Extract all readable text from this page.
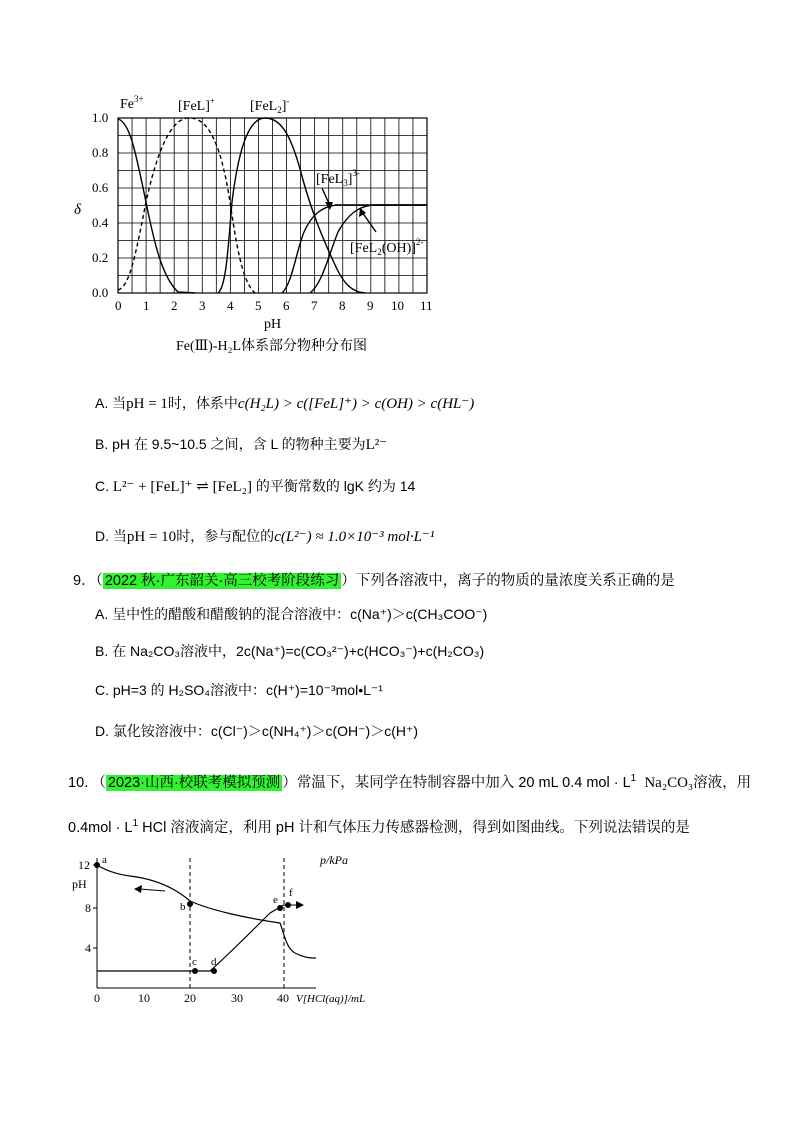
$Fe^{3+}$ [FeL]+	[FeL$_2$]-
$[FeL_3]^{3-}$
$[FeL_2(OH)]^{2-}$
δ
pH
0.0
0.2
0.4
0.6
0.8
1.0
0 1 2 3 4 5 6 7 8 9 10 11
Fe(Ⅲ)-H₂L体系部分物种分布图
A. 当pH = 1时，体系中c(H₂L) > c([FeL]⁺) > c(OH) > c(HL⁻)
B. pH 在 9.5~10.5 之间，含 L 的物种主要为L²⁻
C. L²⁻ + [FeL]⁺ ⇌ [FeL₂] 的平衡常数的 lgK 约为 14
D. 当pH = 10时，参与配位的c(L²⁻) ≈ 1.0×10⁻³ mol·L⁻¹
9．（ 2022 秋·广东韶关·高三校考阶段练习 ）下列各溶液中，离子的物质的量浓度关系正确的是
A. 呈中性的醋酸和醋酸钠的混合溶液中：c(Na⁺)＞c(CH₃COO⁻)
B. 在 Na₂CO₃溶液中，2c(Na⁺)=c(CO₃²⁻)+c(HCO₃⁻)+c(H₂CO₃)
C. pH=3 的 H₂SO₄溶液中：c(H⁺)=10⁻³mol•L⁻¹
D. 氯化铵溶液中：c(Cl⁻)＞c(NH₄⁺)＞c(OH⁻)＞c(H⁺)
10．（ 2023·山西·校联考模拟预测 ）常温下，某同学在特制容器中加入 20 mL 0.4 mol · $L^1$ Na₂CO₃溶液，用
$0.4mol \cdot L^1$ HCl 溶液滴定，利用 pH 计和气体压力传感器检测，得到如图曲线。下列说法错误的是
a
b
c d
e
f
pH
p/kPa
4
8
12
0	10	20	30	40 V[HCl(aq)]/mL
